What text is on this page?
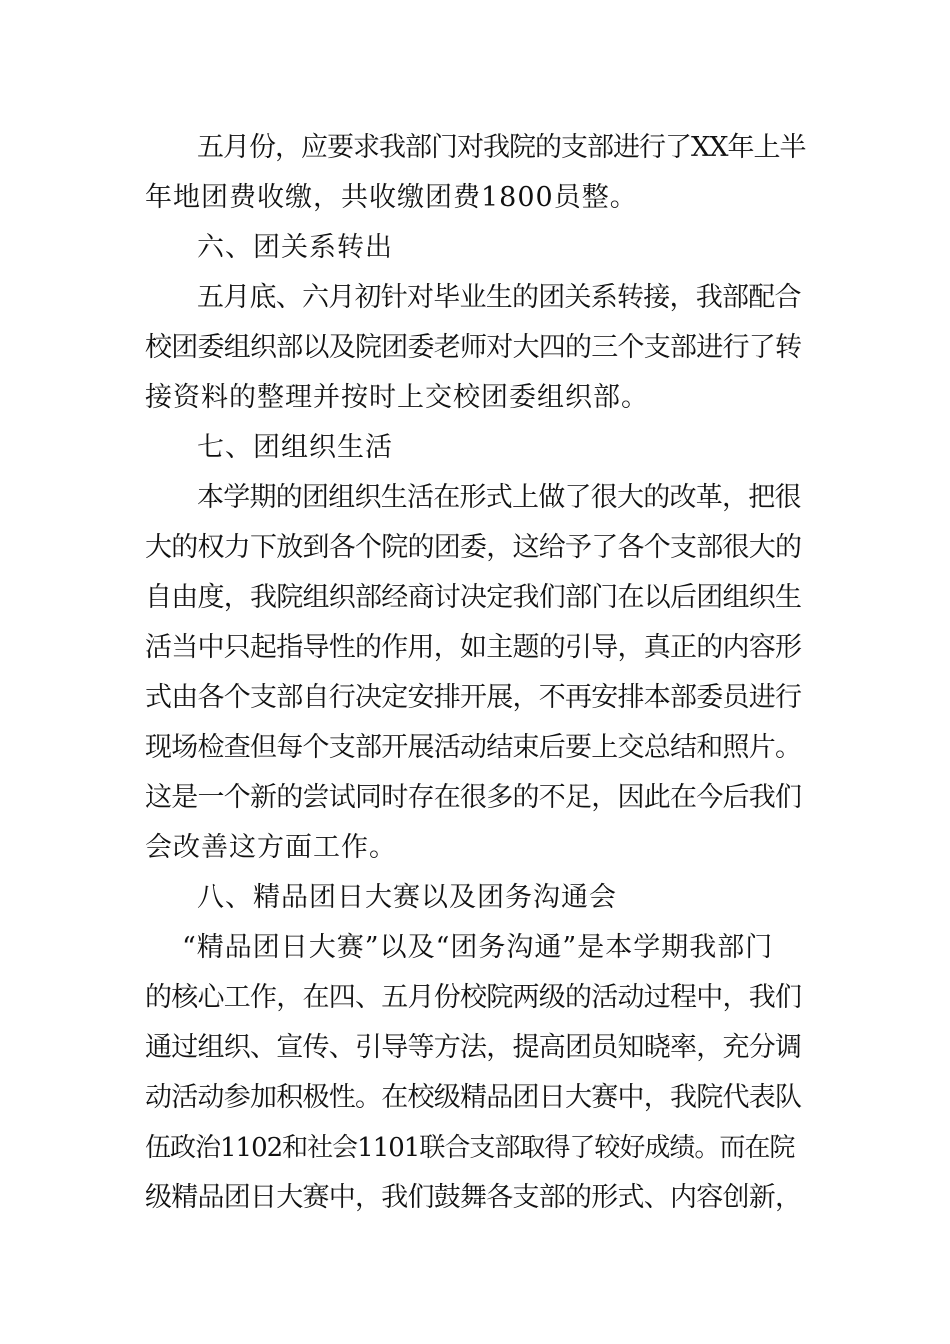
五月份，应要求我部门对我院的支部进行了XX年上半
年地团费收缴，共收缴团费1800员整。
六、团关系转出
五月底、六月初针对毕业生的团关系转接，我部配合
校团委组织部以及院团委老师对大四的三个支部进行了转
接资料的整理并按时上交校团委组织部。
七、团组织生活
本学期的团组织生活在形式上做了很大的改革，把很
大的权力下放到各个院的团委，这给予了各个支部很大的
自由度，我院组织部经商讨决定我们部门在以后团组织生
活当中只起指导性的作用，如主题的引导，真正的内容形
式由各个支部自行决定安排开展，不再安排本部委员进行
现场检查但每个支部开展活动结束后要上交总结和照片。
这是一个新的尝试同时存在很多的不足，因此在今后我们
会改善这方面工作。
八、精品团日大赛以及团务沟通会
“精品团日大赛”以及“团务沟通”是本学期我部门
的核心工作，在四、五月份校院两级的活动过程中，我们
通过组织、宣传、引导等方法，提高团员知晓率，充分调
动活动参加积极性。在校级精品团日大赛中，我院代表队
伍政治1102和社会1101联合支部取得了较好成绩。而在院
级精品团日大赛中，我们鼓舞各支部的形式、内容创新，
